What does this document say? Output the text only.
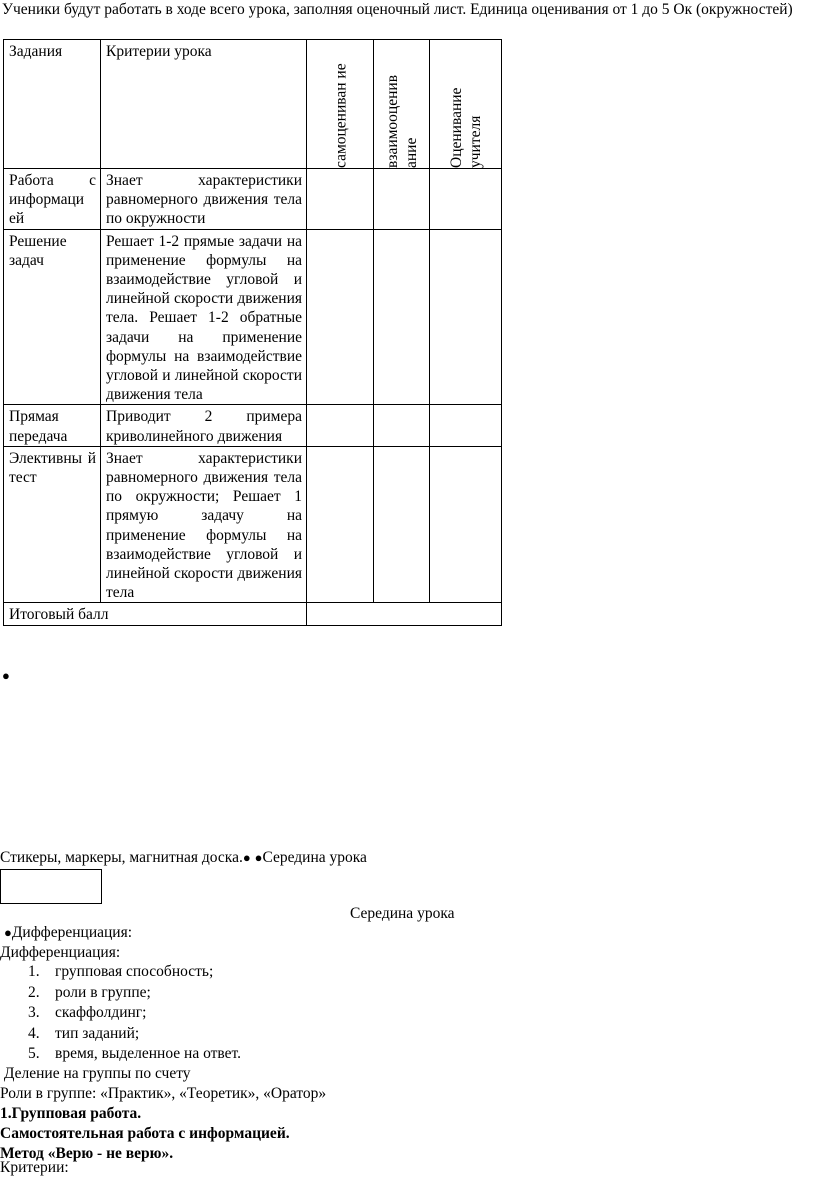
Ученики будут работать в ходе всего урока, заполняя оценочный лист. Единица оценивания от 1 до 5 Ок (окружностей)
Задания	Критерии урока	самоцениван ие	взаимооценив ание	Оценивание учителя

Работа с информаци ей	Знает характеристики равномерного движения тела по окружности			
Решение задач	Решает 1-2 прямые задачи на применение формулы на взаимодействие угловой и линейной скорости движения тела. Решает 1-2 обратные задачи на применение формулы на взаимодействие угловой и линейной скорости движения тела			
Прямая передача	Приводит 2 примера криволинейного движения			
Элективны й тест	Знает характеристики равномерного движения тела по окружности; Решает 1 прямую задачу на применение формулы на взаимодействие угловой и линейной скорости движения тела			
Итоговый балл				
●
Стикеры, маркеры, магнитная доска.● ●Середина урока
Середина урока
●Дифференциация:
Дифференциация:
1. групповая способность;
2. роли в группе;
3. скаффолдинг;
4. тип заданий;
5. время, выделенное на ответ.
Деление на группы по счету
Роли в группе: «Практик», «Теоретик», «Оратор»
1.Групповая работа.
Самостоятельная работа с информацией.
Метод «Верю - не верю».
Критерии:
